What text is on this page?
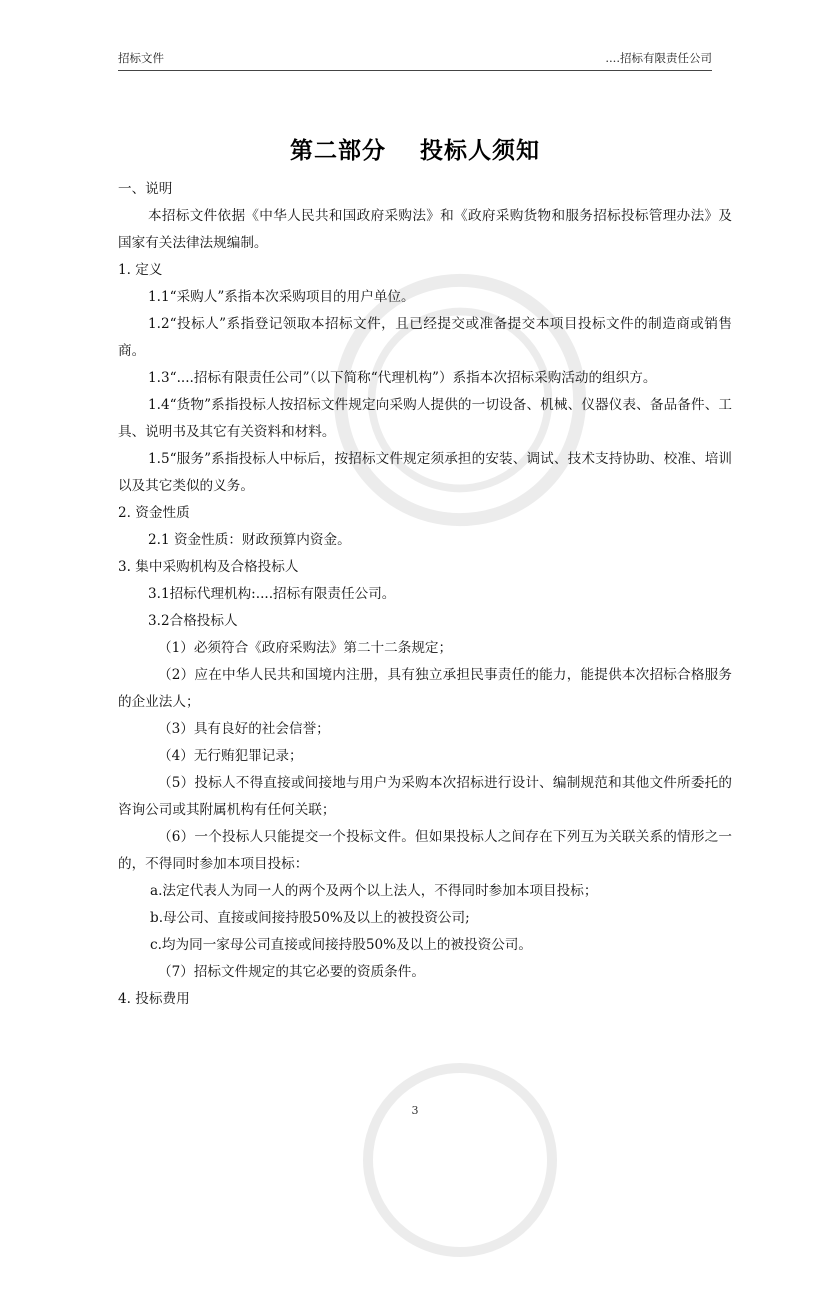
招标文件	....招标有限责任公司
第二部分 投标人须知
一、说明
本招标文件依据《中华人民共和国政府采购法》和《政府采购货物和服务招标投标管理办法》及国家有关法律法规编制。
1. 定义
1.1“采购人”系指本次采购项目的用户单位。
1.2“投标人”系指登记领取本招标文件，且已经提交或准备提交本项目投标文件的制造商或销售商。
1.3“....招标有限责任公司”（以下简称“代理机构”）系指本次招标采购活动的组织方。
1.4“货物”系指投标人按招标文件规定向采购人提供的一切设备、机械、仪器仪表、备品备件、工具、说明书及其它有关资料和材料。
1.5“服务”系指投标人中标后，按招标文件规定须承担的安装、调试、技术支持协助、校准、培训以及其它类似的义务。
2. 资金性质
2.1 资金性质：财政预算内资金。
3. 集中采购机构及合格投标人
3.1招标代理机构:....招标有限责任公司。
3.2合格投标人
（1）必须符合《政府采购法》第二十二条规定；
（2）应在中华人民共和国境内注册，具有独立承担民事责任的能力，能提供本次招标合格服务的企业法人；
（3）具有良好的社会信誉；
（4）无行贿犯罪记录；
（5）投标人不得直接或间接地与用户为采购本次招标进行设计、编制规范和其他文件所委托的咨询公司或其附属机构有任何关联；
（6）一个投标人只能提交一个投标文件。但如果投标人之间存在下列互为关联关系的情形之一的，不得同时参加本项目投标：
a.法定代表人为同一人的两个及两个以上法人，不得同时参加本项目投标；
b.母公司、直接或间接持股50%及以上的被投资公司;
c.均为同一家母公司直接或间接持股50%及以上的被投资公司。
（7）招标文件规定的其它必要的资质条件。
4. 投标费用
3
